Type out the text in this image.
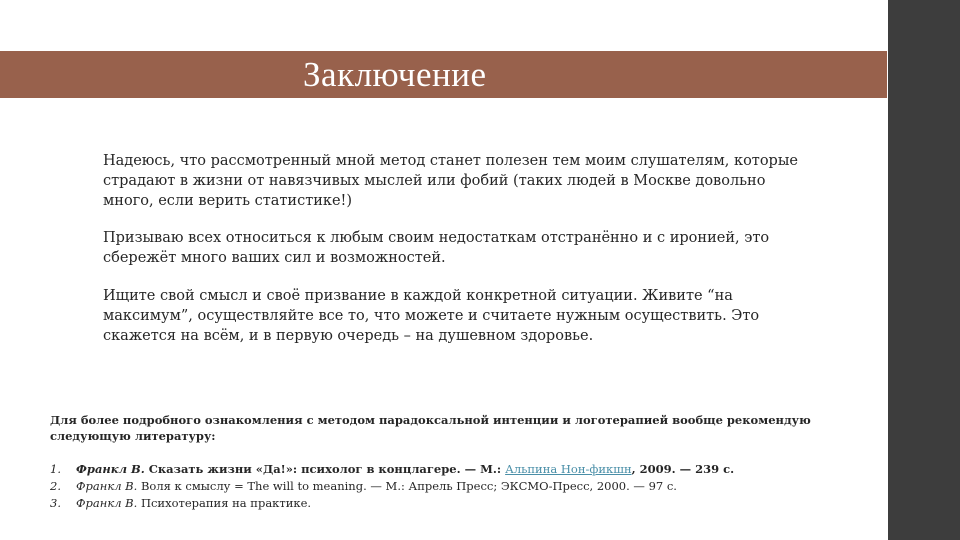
Заключение
Надеюсь, что рассмотренный мной метод станет полезен тем моим слушателям, которые страдают в жизни от навязчивых мыслей или фобий (таких людей в Москве довольно много, если верить статистике!)
Призываю всех относиться к любым своим недостаткам отстранённо и с иронией, это сбережёт много ваших сил и возможностей.
Ищите свой смысл и своё призвание в каждой конкретной ситуации. Живите “на максимум”, осуществляйте все то, что можете и считаете нужным осуществить. Это скажется на всём, и в первую очередь – на душевном здоровье.
Для более подробного ознакомления с методом парадоксальной интенции и логотерапией вообще рекомендую следующую литературу:
1. Франкл В. Сказать жизни «Да!»: психолог в концлагере. — М.: Альпина Нон-фикшн, 2009. — 239 с.
2. Франкл В. Воля к смыслу = The will to meaning. — М.: Апрель Пресс; ЭКСМО-Пресс, 2000. — 97 с.
3. Франкл В. Психотерапия на практике.
